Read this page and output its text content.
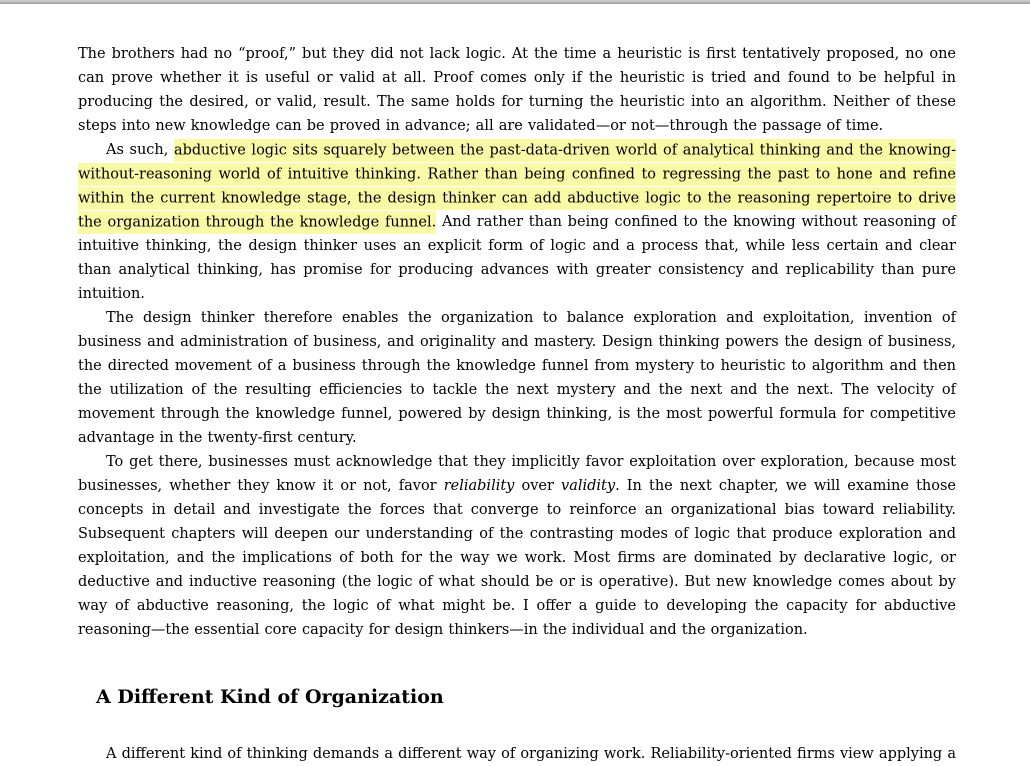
The brothers had no “proof,” but they did not lack logic. At the time a heuristic is first tentatively proposed, no one can prove whether it is useful or valid at all. Proof comes only if the heuristic is tried and found to be helpful in producing the desired, or valid, result. The same holds for turning the heuristic into an algorithm. Neither of these steps into new knowledge can be proved in advance; all are validated—or not—through the passage of time.

As such, abductive logic sits squarely between the past-data-driven world of analytical thinking and the knowing-without-reasoning world of intuitive thinking. Rather than being confined to regressing the past to hone and refine within the current knowledge stage, the design thinker can add abductive logic to the reasoning repertoire to drive the organization through the knowledge funnel. And rather than being confined to the knowing without reasoning of intuitive thinking, the design thinker uses an explicit form of logic and a process that, while less certain and clear than analytical thinking, has promise for producing advances with greater consistency and replicability than pure intuition.

The design thinker therefore enables the organization to balance exploration and exploitation, invention of business and administration of business, and originality and mastery. Design thinking powers the design of business, the directed movement of a business through the knowledge funnel from mystery to heuristic to algorithm and then the utilization of the resulting efficiencies to tackle the next mystery and the next and the next. The velocity of movement through the knowledge funnel, powered by design thinking, is the most powerful formula for competitive advantage in the twenty-first century.

To get there, businesses must acknowledge that they implicitly favor exploitation over exploration, because most businesses, whether they know it or not, favor reliability over validity. In the next chapter, we will examine those concepts in detail and investigate the forces that converge to reinforce an organizational bias toward reliability. Subsequent chapters will deepen our understanding of the contrasting modes of logic that produce exploration and exploitation, and the implications of both for the way we work. Most firms are dominated by declarative logic, or deductive and inductive reasoning (the logic of what should be or is operative). But new knowledge comes about by way of abductive reasoning, the logic of what might be. I offer a guide to developing the capacity for abductive reasoning—the essential core capacity for design thinkers—in the individual and the organization.

A Different Kind of Organization

A different kind of thinking demands a different way of organizing work. Reliability-oriented firms view applying a
